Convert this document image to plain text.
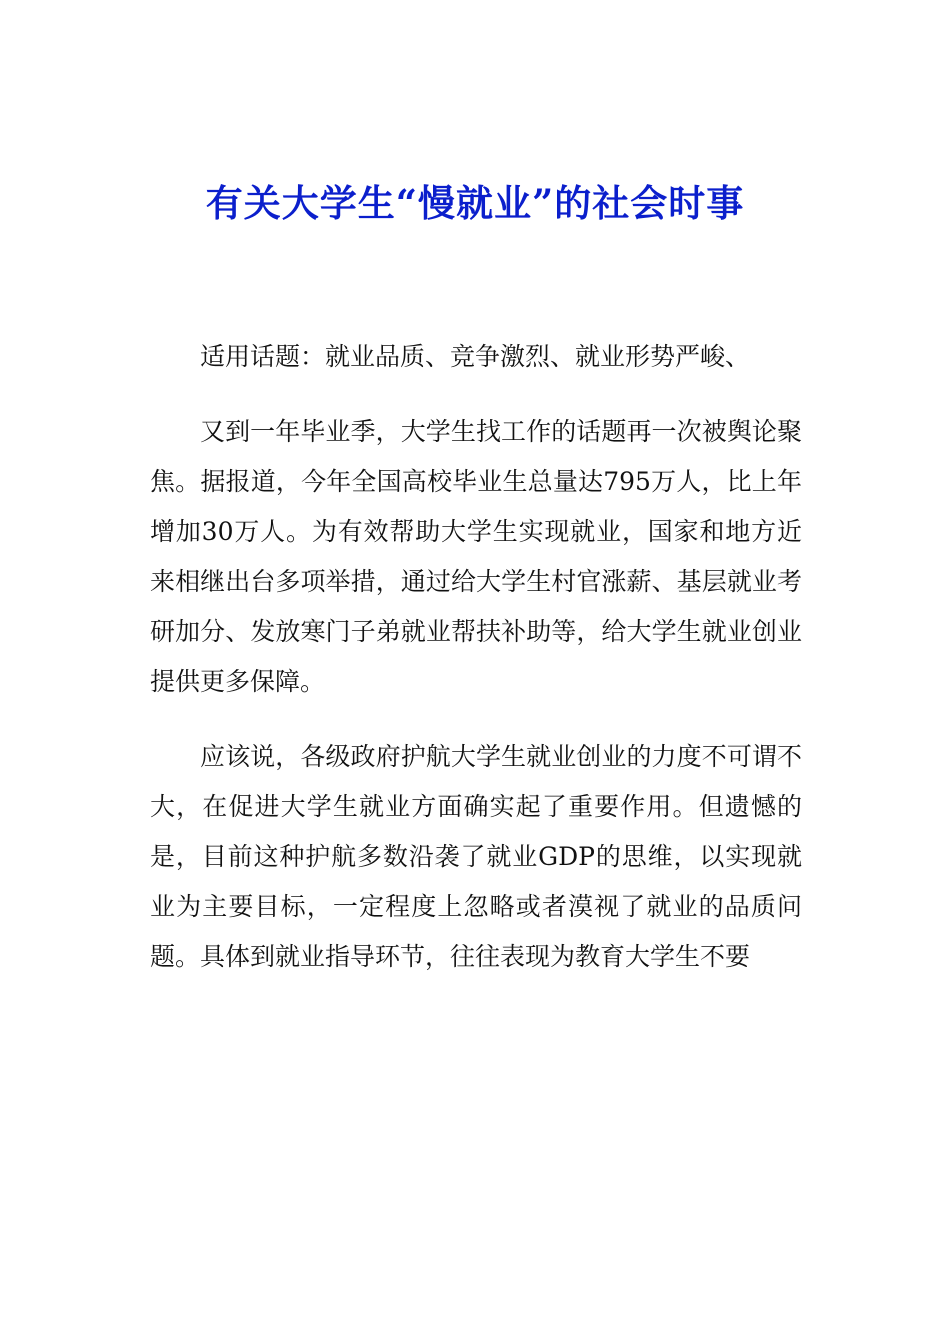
有关大学生“慢就业”的社会时事

适用话题：就业品质、竞争激烈、就业形势严峻、

又到一年毕业季，大学生找工作的话题再一次被舆论聚焦。据报道，今年全国高校毕业生总量达795万人，比上年增加30万人。为有效帮助大学生实现就业，国家和地方近来相继出台多项举措，通过给大学生村官涨薪、基层就业考研加分、发放寒门子弟就业帮扶补助等，给大学生就业创业提供更多保障。

应该说，各级政府护航大学生就业创业的力度不可谓不大，在促进大学生就业方面确实起了重要作用。但遗憾的是，目前这种护航多数沿袭了就业GDP的思维，以实现就业为主要目标，一定程度上忽略或者漠视了就业的品质问题。具体到就业指导环节，往往表现为教育大学生不要
